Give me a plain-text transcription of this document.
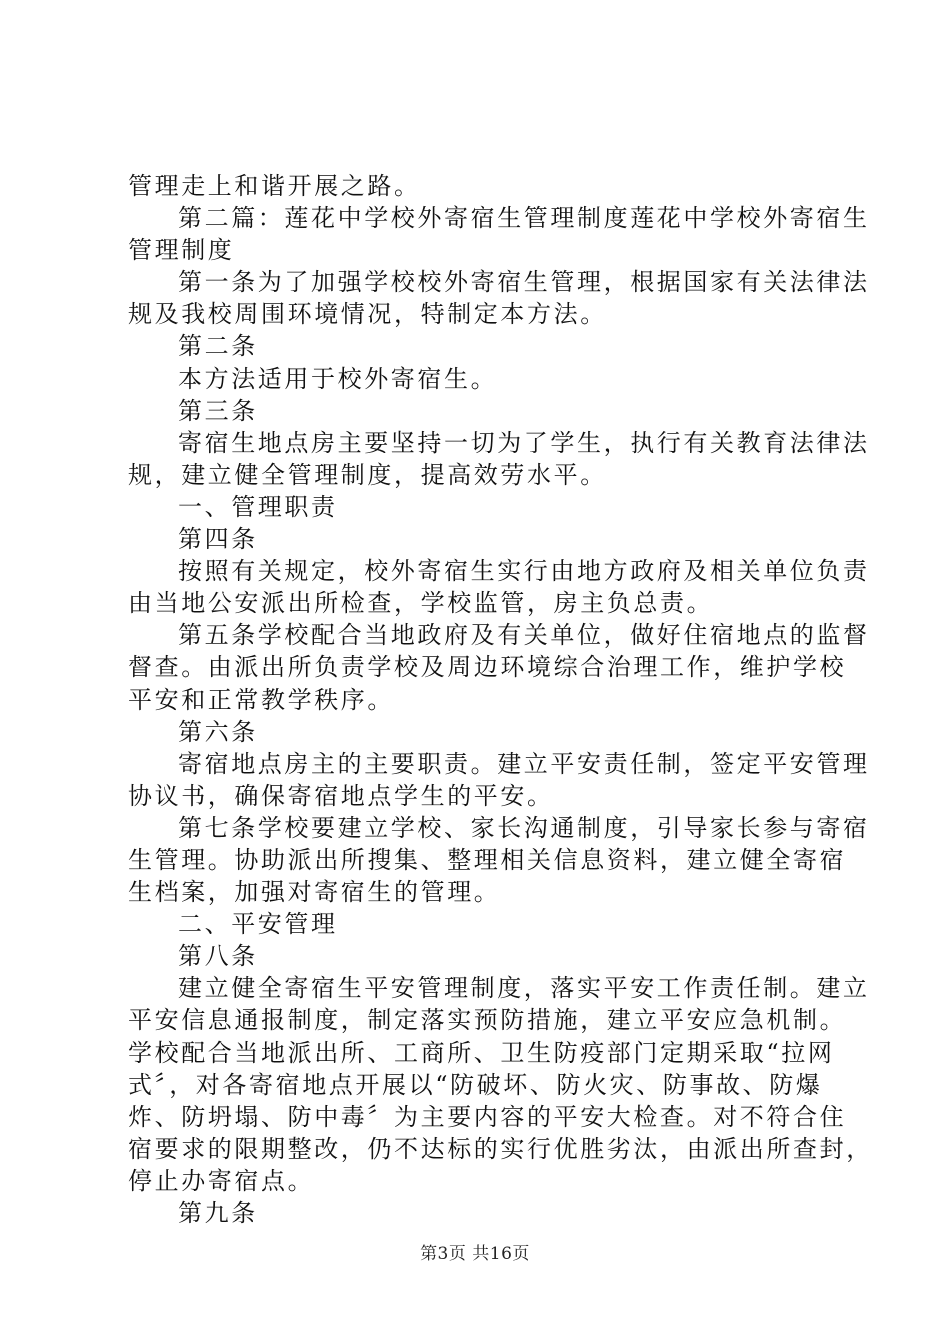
管理走上和谐开展之路。
第二篇：莲花中学校外寄宿生管理制度莲花中学校外寄宿生
管理制度
第一条为了加强学校校外寄宿生管理，根据国家有关法律法
规及我校周围环境情况，特制定本方法。
第二条
本方法适用于校外寄宿生。
第三条
寄宿生地点房主要坚持一切为了学生，执行有关教育法律法
规，建立健全管理制度，提高效劳水平。
一、管理职责
第四条
按照有关规定，校外寄宿生实行由地方政府及相关单位负责
由当地公安派出所检查，学校监管，房主负总责。
第五条学校配合当地政府及有关单位，做好住宿地点的监督
督查。由派出所负责学校及周边环境综合治理工作，维护学校
平安和正常教学秩序。
第六条
寄宿地点房主的主要职责。建立平安责任制，签定平安管理
协议书，确保寄宿地点学生的平安。
第七条学校要建立学校、家长沟通制度，引导家长参与寄宿
生管理。协助派出所搜集、整理相关信息资料，建立健全寄宿
生档案，加强对寄宿生的管理。
二、平安管理
第八条
建立健全寄宿生平安管理制度，落实平安工作责任制。建立
平安信息通报制度，制定落实预防措施，建立平安应急机制。
学校配合当地派出所、工商所、卫生防疫部门定期采取“拉网
式〞，对各寄宿地点开展以“防破坏、防火灾、防事故、防爆
炸、防坍塌、防中毒〞为主要内容的平安大检查。对不符合住
宿要求的限期整改，仍不达标的实行优胜劣汰，由派出所查封，
停止办寄宿点。
第九条
第3页 共16页
